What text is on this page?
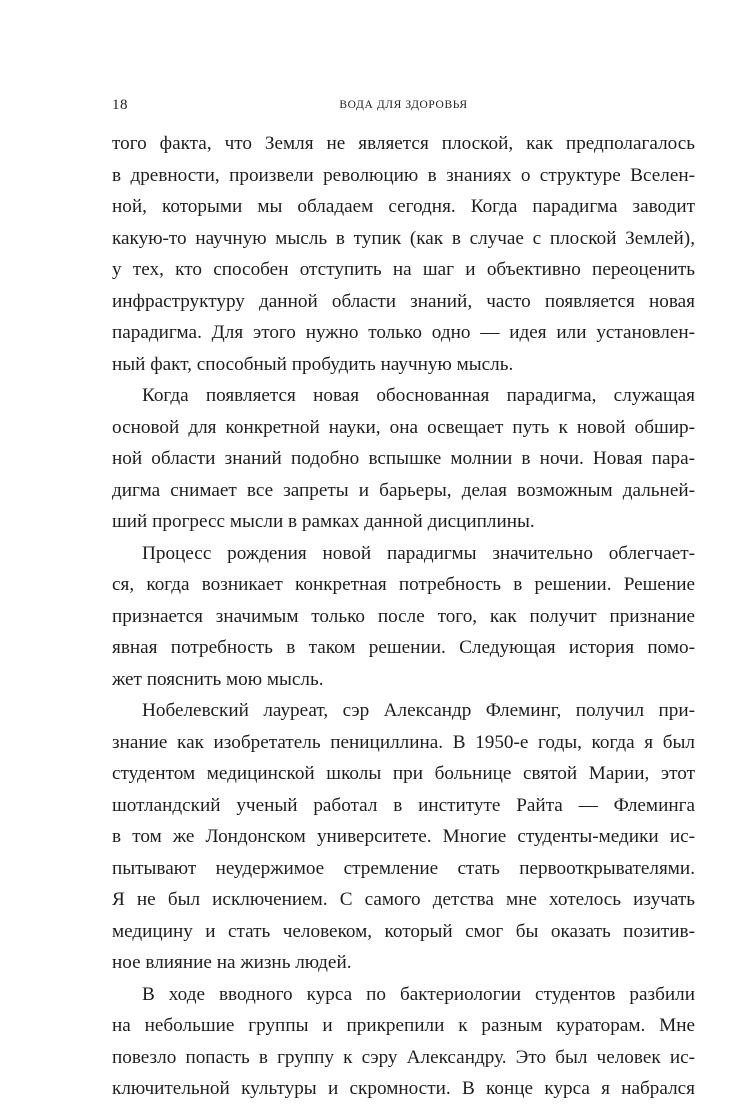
18	ВОДА ДЛЯ ЗДОРОВЬЯ
того факта, что Земля не является плоской, как предполагалось
в древности, произвели революцию в знаниях о структуре Вселен-
ной, которыми мы обладаем сегодня. Когда парадигма заводит
какую-то научную мысль в тупик (как в случае с плоской Землей),
у тех, кто способен отступить на шаг и объективно переоценить
инфраструктуру данной области знаний, часто появляется новая
парадигма. Для этого нужно только одно — идея или установлен-
ный факт, способный пробудить научную мысль.
Когда появляется новая обоснованная парадигма, служащая
основой для конкретной науки, она освещает путь к новой обшир-
ной области знаний подобно вспышке молнии в ночи. Новая пара-
дигма снимает все запреты и барьеры, делая возможным дальней-
ший прогресс мысли в рамках данной дисциплины.
Процесс рождения новой парадигмы значительно облегчает-
ся, когда возникает конкретная потребность в решении. Решение
признается значимым только после того, как получит признание
явная потребность в таком решении. Следующая история помо-
жет пояснить мою мысль.
Нобелевский лауреат, сэр Александр Флеминг, получил при-
знание как изобретатель пенициллина. В 1950-е годы, когда я был
студентом медицинской школы при больнице святой Марии, этот
шотландский ученый работал в институте Райта — Флеминга
в том же Лондонском университете. Многие студенты-медики ис-
пытывают неудержимое стремление стать первооткрывателями.
Я не был исключением. С самого детства мне хотелось изучать
медицину и стать человеком, который смог бы оказать позитив-
ное влияние на жизнь людей.
В ходе вводного курса по бактериологии студентов разбили
на небольшие группы и прикрепили к разным кураторам. Мне
повезло попасть в группу к сэру Александру. Это был человек ис-
ключительной культуры и скромности. В конце курса я набрался
